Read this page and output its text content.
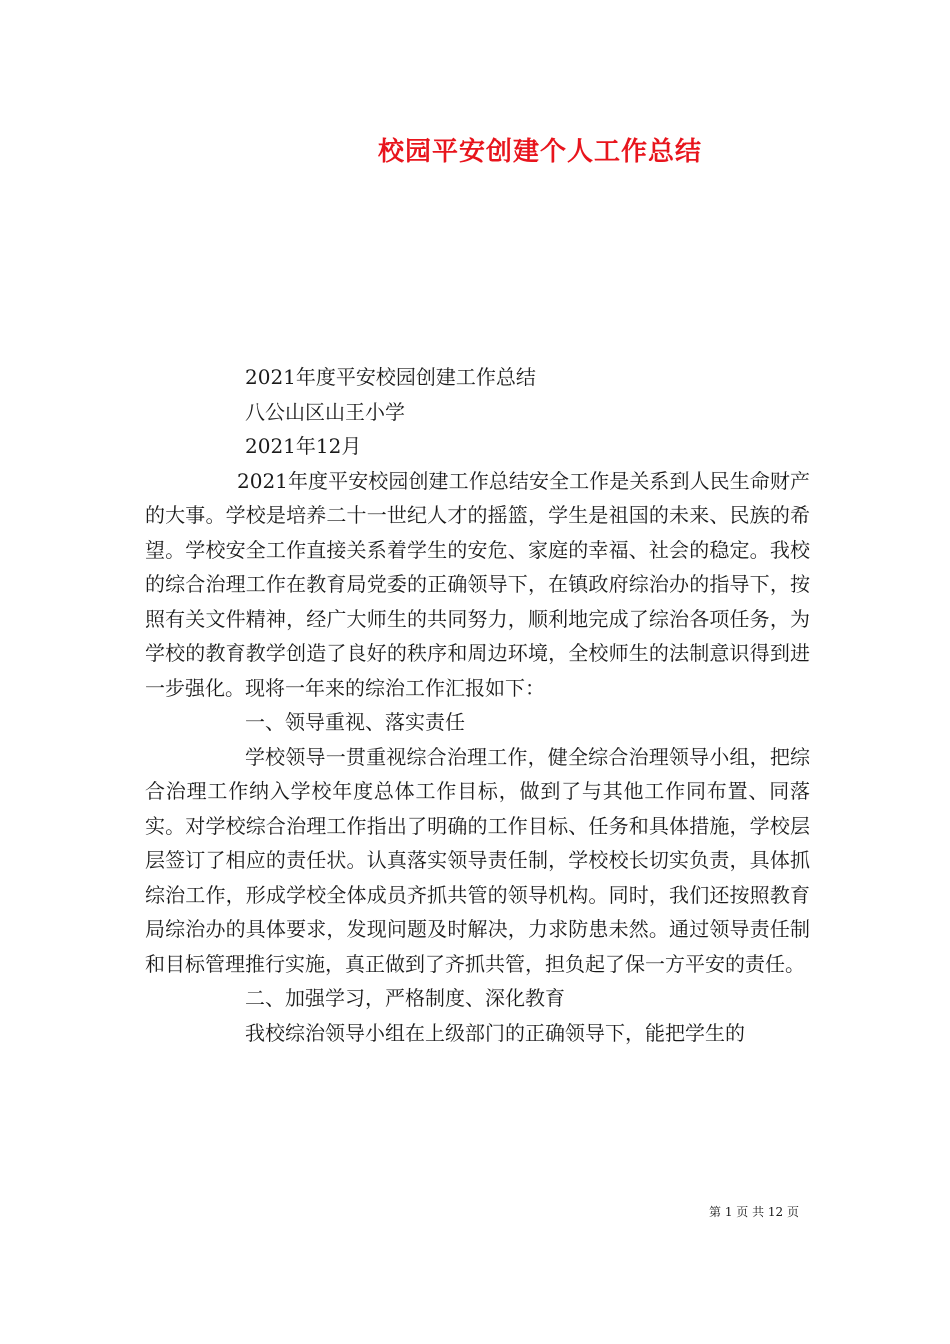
校园平安创建个人工作总结
2021年度平安校园创建工作总结
八公山区山王小学
2021年12月

2021年度平安校园创建工作总结安全工作是关系到人民生命财产的大事。学校是培养二十一世纪人才的摇篮，学生是祖国的未来、民族的希望。学校安全工作直接关系着学生的安危、家庭的幸福、社会的稳定。我校的综合治理工作在教育局党委的正确领导下，在镇政府综治办的指导下，按照有关文件精神，经广大师生的共同努力，顺利地完成了综治各项任务，为学校的教育教学创造了良好的秩序和周边环境，全校师生的法制意识得到进一步强化。现将一年来的综治工作汇报如下：

一、领导重视、落实责任

学校领导一贯重视综合治理工作，健全综合治理领导小组，把综合治理工作纳入学校年度总体工作目标，做到了与其他工作同布置、同落实。对学校综合治理工作指出了明确的工作目标、任务和具体措施，学校层层签订了相应的责任状。认真落实领导责任制，学校校长切实负责，具体抓综治工作，形成学校全体成员齐抓共管的领导机构。同时，我们还按照教育局综治办的具体要求，发现问题及时解决，力求防患未然。通过领导责任制和目标管理推行实施，真正做到了齐抓共管，担负起了保一方平安的责任。

二、加强学习，严格制度、深化教育

我校综治领导小组在上级部门的正确领导下，能把学生的

第 1 页 共 12 页
